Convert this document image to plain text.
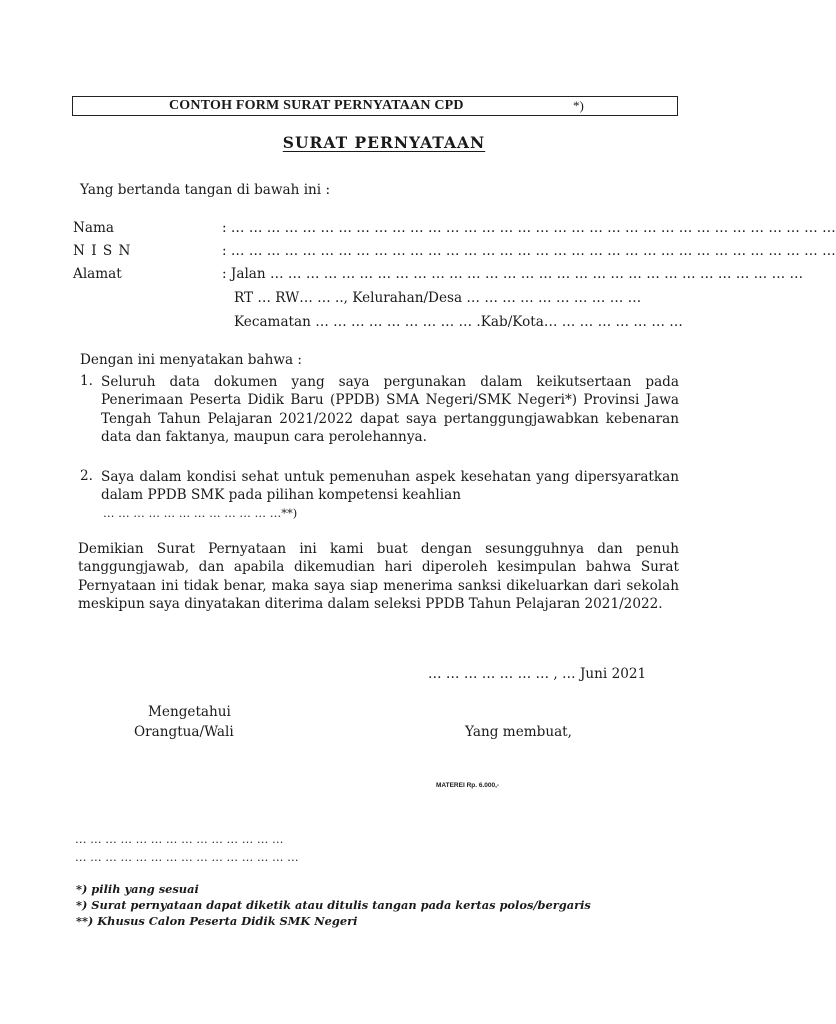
CONTOH FORM SURAT PERNYATAAN CPD	*)
SURAT PERNYATAAN
Yang bertanda tangan di bawah ini :
Nama	: … … … … … … … … … … … … … … … … … … … … … … … … … … … … … … … … … …
N I S N	: … … … … … … … … … … … … … … … … … … … … … … … … … … … … … … … … … …
Alamat	: Jalan … … … … … … … … … … … … … … … … … … … … … … … … … … … … … …
RT … RW… … .., Kelurahan/Desa … … … … … … … … … …
Kecamatan … … … … … … … … … .Kab/Kota… … … … … … … …
Dengan ini menyatakan bahwa :
1. Seluruh data dokumen yang saya pergunakan dalam keikutsertaan pada Penerimaan Peserta Didik Baru (PPDB) SMA Negeri/SMK Negeri*) Provinsi Jawa Tengah Tahun Pelajaran 2021/2022 dapat saya pertanggungjawabkan kebenaran data dan faktanya, maupun cara perolehannya.
2. Saya dalam kondisi sehat untuk pemenuhan aspek kesehatan yang dipersyaratkan dalam PPDB SMK pada pilihan kompetensi keahlian
… … … … … … … … … … … …**)
Demikian Surat Pernyataan ini kami buat dengan sesungguhnya dan penuh tanggungjawab, dan apabila dikemudian hari diperoleh kesimpulan bahwa Surat Pernyataan ini tidak benar, maka saya siap menerima sanksi dikeluarkan dari sekolah meskipun saya dinyatakan diterima dalam seleksi PPDB Tahun Pelajaran 2021/2022.
… … … … … … … , … Juni 2021
Mengetahui
Orangtua/Wali	Yang membuat,
MATEREI Rp. 6.000,-
… … … … … … … … … … … … … …
… … … … … … … … … … … … … … …
*) pilih yang sesuai
*) Surat pernyataan dapat diketik atau ditulis tangan pada kertas polos/bergaris
**) Khusus Calon Peserta Didik SMK Negeri
